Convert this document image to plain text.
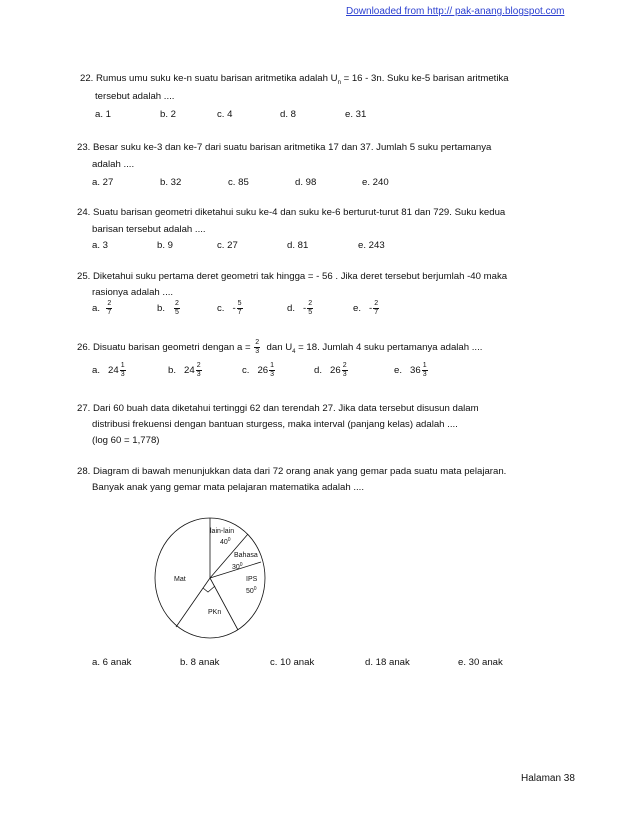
Downloaded from http:// pak-anang.blogspot.com
22. Rumus umu suku ke-n suatu barisan aritmetika adalah $U_n = 16 - 3n$. Suku ke-5 barisan aritmetika
tersebut adalah ....
a. 1	b. 2	c. 4	d. 8	e. 31
23. Besar suku ke-3 dan ke-7 dari suatu barisan aritmetika 17 dan 37. Jumlah 5 suku pertamanya
adalah ....
a. 27	b. 32	c. 85	d. 98	e. 240
24. Suatu barisan geometri diketahui suku ke-4 dan suku ke-6 berturut-turut 81 dan 729. Suku kedua
barisan tersebut adalah ....
a. 3	b. 9	c. 27	d. 81	e. 243
25. Diketahui suku pertama deret geometri tak hingga = - 56 . Jika deret tersebut berjumlah -40 maka
rasionya adalah ....
a. $\frac{2}{7}$	b. $\frac{2}{5}$	c. - $\frac{5}{7}$	d. - $\frac{2}{5}$	e. - $\frac{2}{7}$
26. Disuatu barisan geometri dengan $a = \frac{2}{3}$ dan $U_4 = 18$. Jumlah 4 suku pertamanya adalah ....
a. $24 \frac{1}{3}$	b. $24 \frac{2}{3}$	c. $26 \frac{1}{3}$	d. $26 \frac{2}{3}$	e. $36 \frac{1}{3}$
27. Dari 60 buah data diketahui tertinggi 62 dan terendah 27. Jika data tersebut disusun dalam
distribusi frekuensi dengan bantuan sturgess, maka interval (panjang kelas) adalah ....
(log 60 = 1,778)
28. Diagram di bawah menunjukkan data dari 72 orang anak yang gemar pada suatu mata pelajaran.
Banyak anak yang gemar mata pelajaran matematika adalah ....
lain-lain
$40^0$
Bahasa
$30^0$
IPS
$50^0$
PKn
Mat
a. 6 anak	b. 8 anak	c. 10 anak	d. 18 anak	e. 30 anak
Halaman 38
